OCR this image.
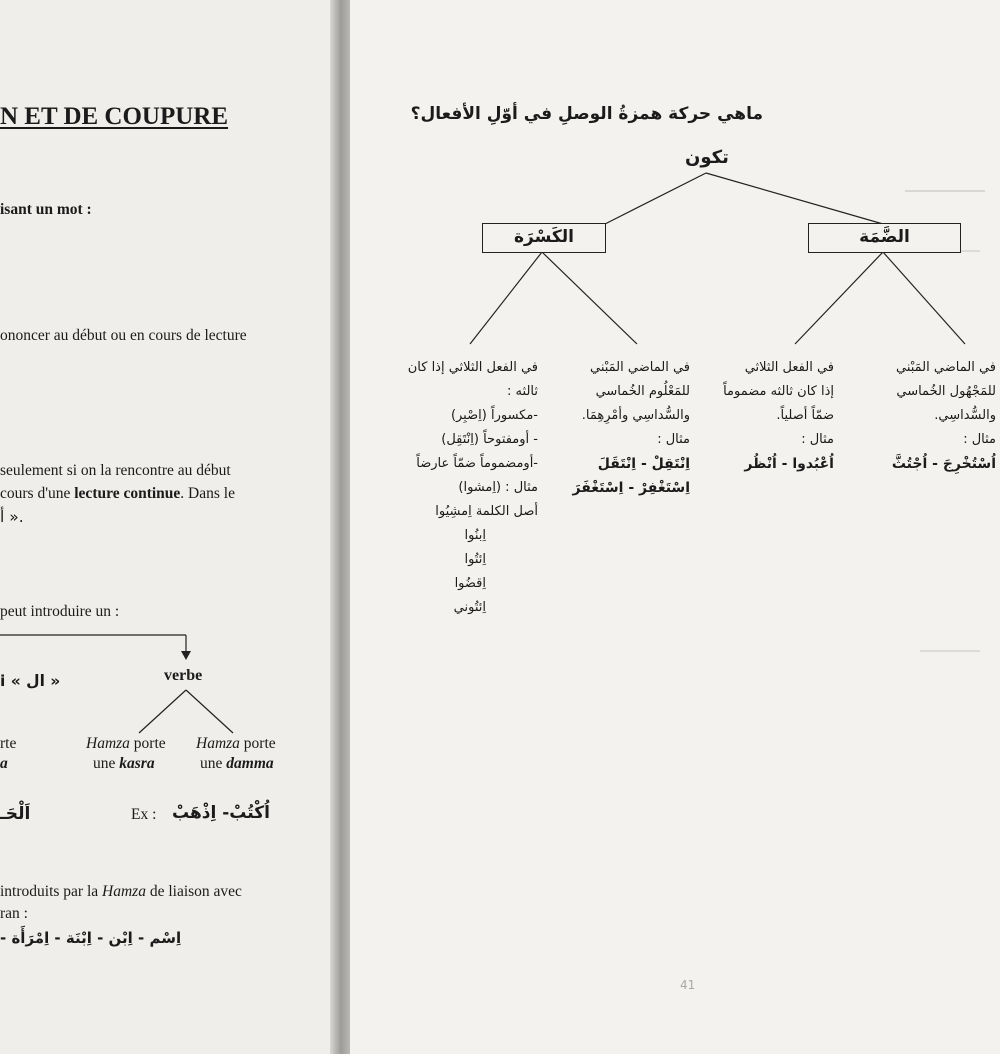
N ET DE COUPURE
isant un mot :
ononcer au début ou en cours de lecture
seulement si on la rencontre au début
cours d'une lecture continue. Dans le
أ ».
peut introduire un :
i « ال »	verbe
rte
a
Hamza porte
une kasra
Hamza porte
une damma
اَلْحَـ	Ex : اُكْتُبْ- اِذْهَبْ
introduits par la Hamza de liaison avec
ran :
اِسْم - اِبْن - اِبْنَة - اِمْرَأَة -
ماهي حركة همزةُ الوصلِ في أوّلِ الأفعال؟
تكون
الكَسْرَة	الضَّمَة
في الماضي المَبْني
للمَجْهُول الخُماسي
والسُّداسِي.
مثال :
اُسْتُخْرِجَ - اُجْتُثَّ
في الفعل الثلاثي
إذا كان ثالثه مضموماً
ضمّاً أصلياً.
مثال :
اُعْبُدوا - اُنْظُر
في الماضي المَبْني
للمَعْلُوم الخُماسي
والسُّداسِي وأمْرِهِمَا.
مثال :
اِنْتَقِلْ - اِنْتَقَلَ
اِسْتَغْفِرْ - اِسْتَغْفَرَ
في الفعل الثلاثي إذا كان
ثالثه :
-مكسوراً (اِصْبِر)
- أومفتوحاً (اِنْتَقِل)
-أومضموماً ضمّاً عارضاً
مثال : (اِمشوا)
أصل الكلمة اِمشِيُوا
اِبنُوا
اِئتُوا
اِقضُوا
اِئتُوني
41
